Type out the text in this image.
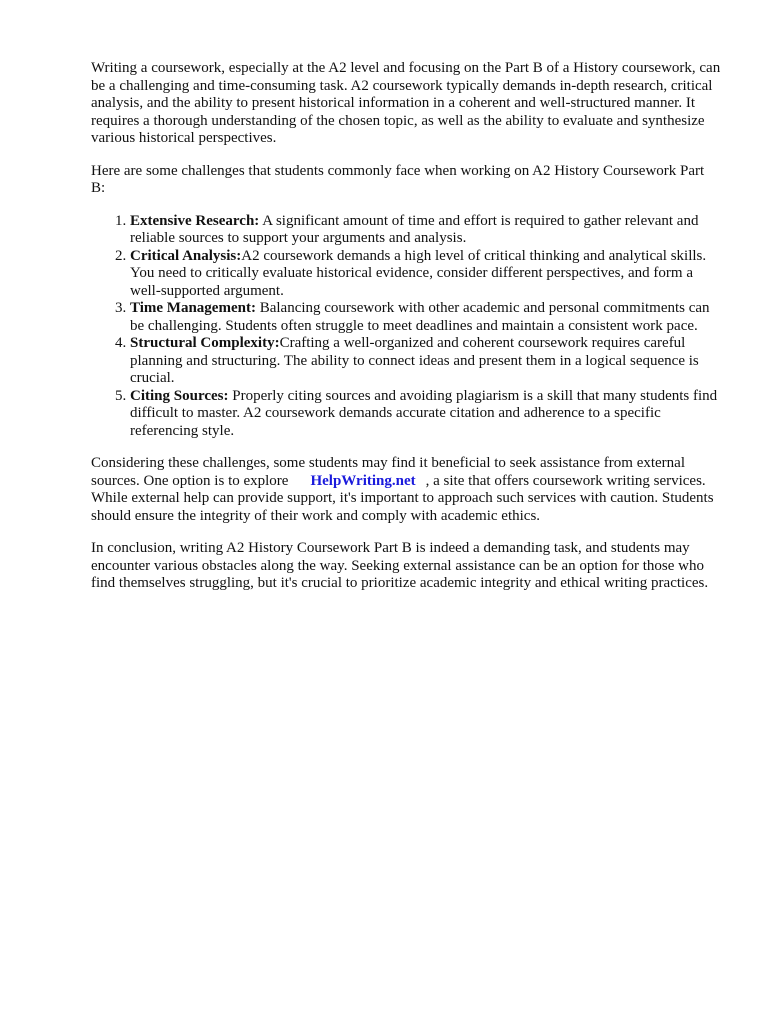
Writing a coursework, especially at the A2 level and focusing on the Part B of a History coursework, can be a challenging and time-consuming task. A2 coursework typically demands in-depth research, critical analysis, and the ability to present historical information in a coherent and well-structured manner. It requires a thorough understanding of the chosen topic, as well as the ability to evaluate and synthesize various historical perspectives.

Here are some challenges that students commonly face when working on A2 History Coursework Part B:

1. Extensive Research: A significant amount of time and effort is required to gather relevant and reliable sources to support your arguments and analysis.
2. Critical Analysis:A2 coursework demands a high level of critical thinking and analytical skills. You need to critically evaluate historical evidence, consider different perspectives, and form a well-supported argument.
3. Time Management: Balancing coursework with other academic and personal commitments can be challenging. Students often struggle to meet deadlines and maintain a consistent work pace.
4. Structural Complexity:Crafting a well-organized and coherent coursework requires careful planning and structuring. The ability to connect ideas and present them in a logical sequence is crucial.
5. Citing Sources: Properly citing sources and avoiding plagiarism is a skill that many students find difficult to master. A2 coursework demands accurate citation and adherence to a specific referencing style.

Considering these challenges, some students may find it beneficial to seek assistance from external sources. One option is to explore HelpWriting.net , a site that offers coursework writing services. While external help can provide support, it's important to approach such services with caution. Students should ensure the integrity of their work and comply with academic ethics.

In conclusion, writing A2 History Coursework Part B is indeed a demanding task, and students may encounter various obstacles along the way. Seeking external assistance can be an option for those who find themselves struggling, but it's crucial to prioritize academic integrity and ethical writing practices.
